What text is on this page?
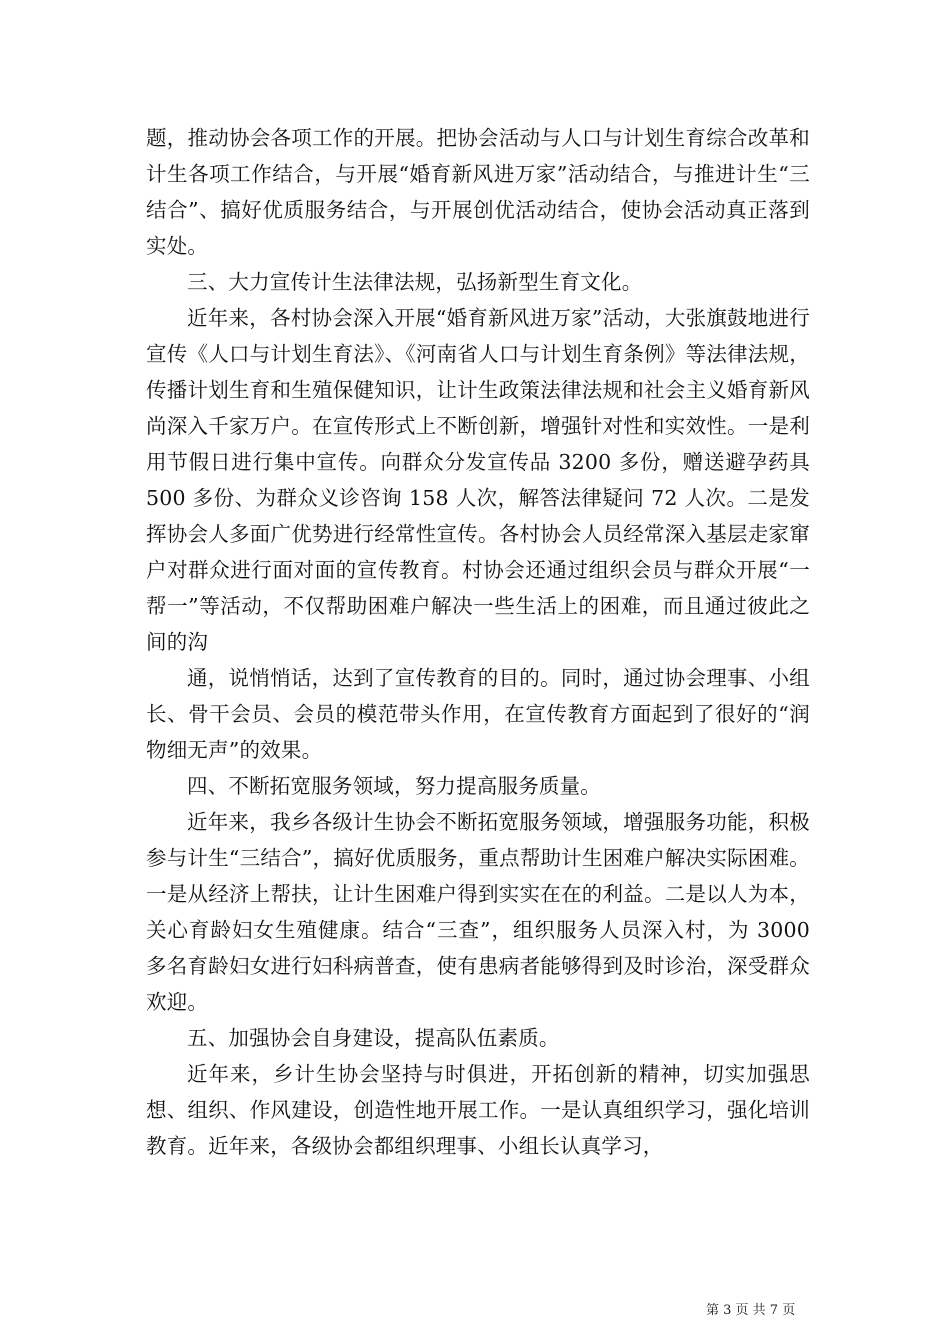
题，推动协会各项工作的开展。把协会活动与人口与计划生育综合改革和计生各项工作结合，与开展“婚育新风进万家”活动结合，与推进计生“三结合”、搞好优质服务结合，与开展创优活动结合，使协会活动真正落到实处。

三、大力宣传计生法律法规，弘扬新型生育文化。

近年来，各村协会深入开展“婚育新风进万家”活动，大张旗鼓地进行宣传《人口与计划生育法》、《河南省人口与计划生育条例》等法律法规，传播计划生育和生殖保健知识，让计生政策法律法规和社会主义婚育新风尚深入千家万户。在宣传形式上不断创新，增强针对性和实效性。一是利用节假日进行集中宣传。向群众分发宣传品 3200 多份，赠送避孕药具 500 多份、为群众义诊咨询 158 人次，解答法律疑问 72 人次。二是发挥协会人多面广优势进行经常性宣传。各村协会人员经常深入基层走家窜户对群众进行面对面的宣传教育。村协会还通过组织会员与群众开展“一帮一”等活动，不仅帮助困难户解决一些生活上的困难，而且通过彼此之间的沟

通，说悄悄话，达到了宣传教育的目的。同时，通过协会理事、小组长、骨干会员、会员的模范带头作用，在宣传教育方面起到了很好的“润物细无声”的效果。

四、不断拓宽服务领域，努力提高服务质量。

近年来，我乡各级计生协会不断拓宽服务领域，增强服务功能，积极参与计生“三结合”，搞好优质服务，重点帮助计生困难户解决实际困难。一是从经济上帮扶，让计生困难户得到实实在在的利益。二是以人为本，关心育龄妇女生殖健康。结合“三查”，组织服务人员深入村，为 3000 多名育龄妇女进行妇科病普查，使有患病者能够得到及时诊治，深受群众欢迎。

五、加强协会自身建设，提高队伍素质。

近年来，乡计生协会坚持与时俱进，开拓创新的精神，切实加强思想、组织、作风建设，创造性地开展工作。一是认真组织学习，强化培训教育。近年来，各级协会都组织理事、小组长认真学习，

第 3 页 共 7 页
